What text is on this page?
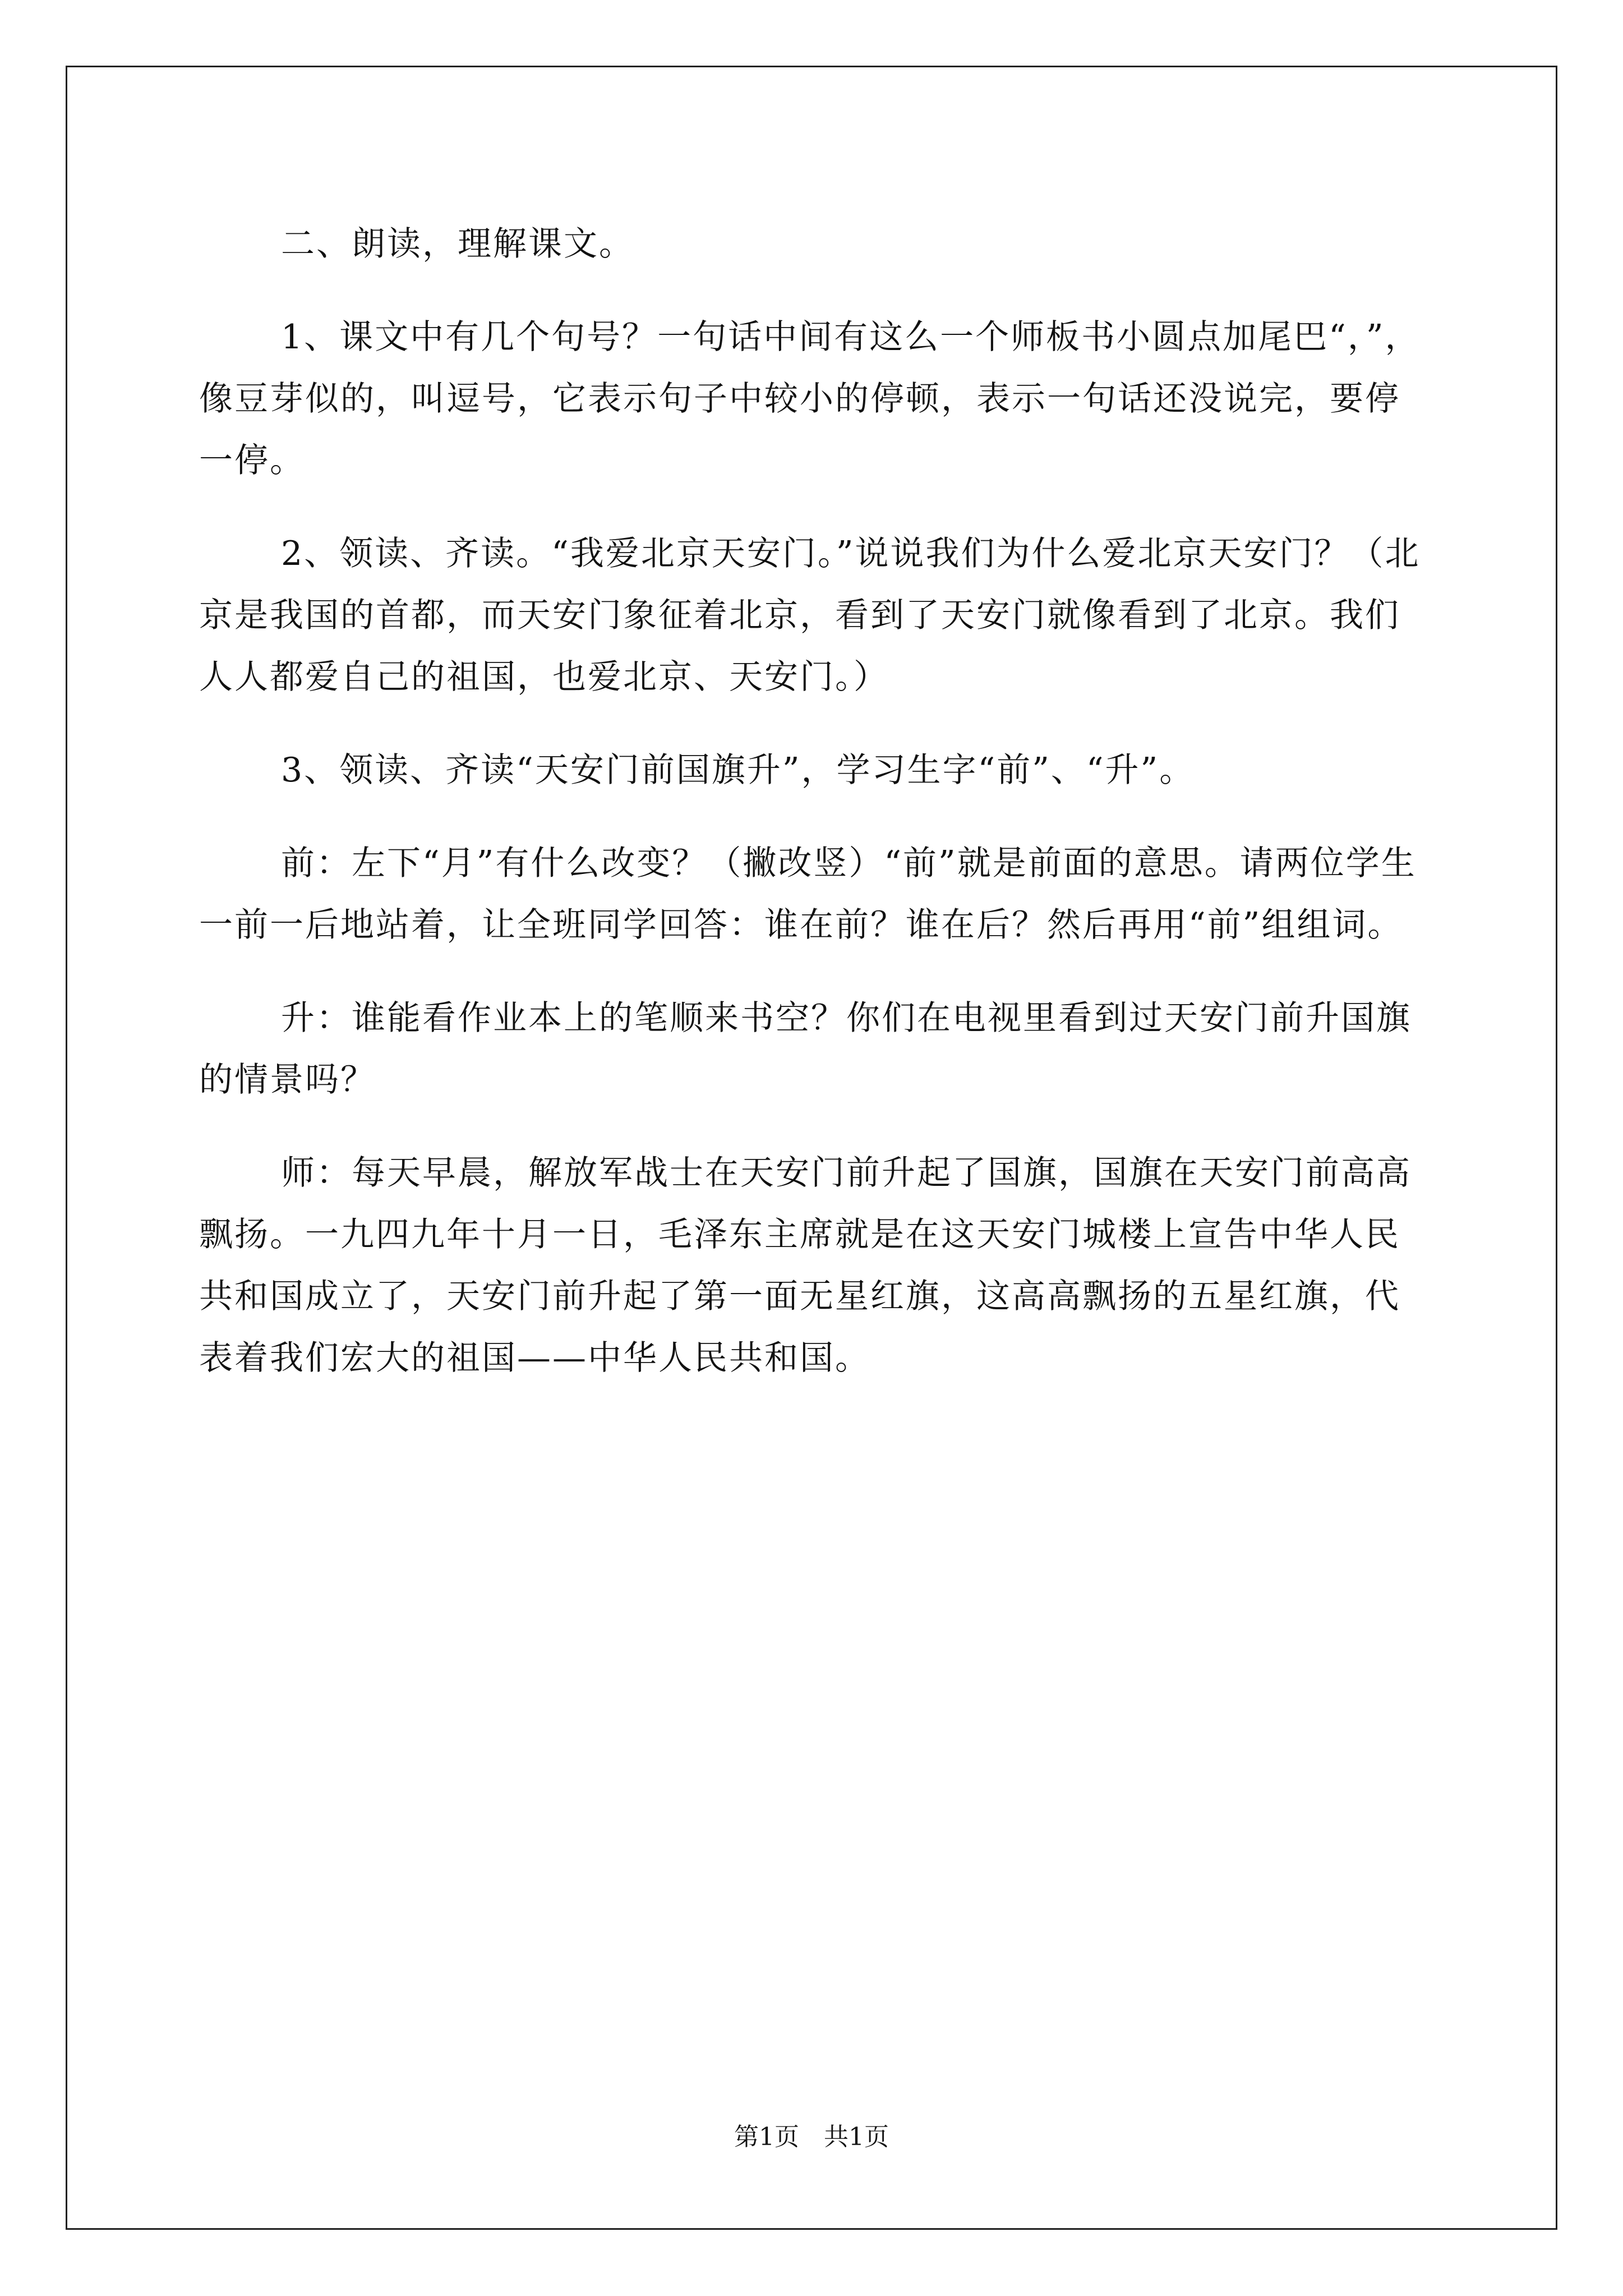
二、朗读，理解课文。

1、课文中有几个句号？一句话中间有这么一个师板书小圆点加尾巴“，”，像豆芽似的，叫逗号，它表示句子中较小的停顿，表示一句话还没说完，要停一停。

2、领读、齐读。“我爱北京天安门。”说说我们为什么爱北京天安门？（北京是我国的首都，而天安门象征着北京，看到了天安门就像看到了北京。我们人人都爱自己的祖国，也爱北京、天安门。）

3、领读、齐读“天安门前国旗升”，学习生字“前”、“升”。

前：左下“月”有什么改变？（撇改竖）“前”就是前面的意思。请两位学生一前一后地站着，让全班同学回答：谁在前？谁在后？然后再用“前”组组词。

升：谁能看作业本上的笔顺来书空？你们在电视里看到过天安门前升国旗的情景吗？

师：每天早晨，解放军战士在天安门前升起了国旗，国旗在天安门前高高飘扬。一九四九年十月一日，毛泽东主席就是在这天安门城楼上宣告中华人民共和国成立了，天安门前升起了第一面无星红旗，这高高飘扬的五星红旗，代表着我们宏大的祖国——中华人民共和国。

第1页　共1页
